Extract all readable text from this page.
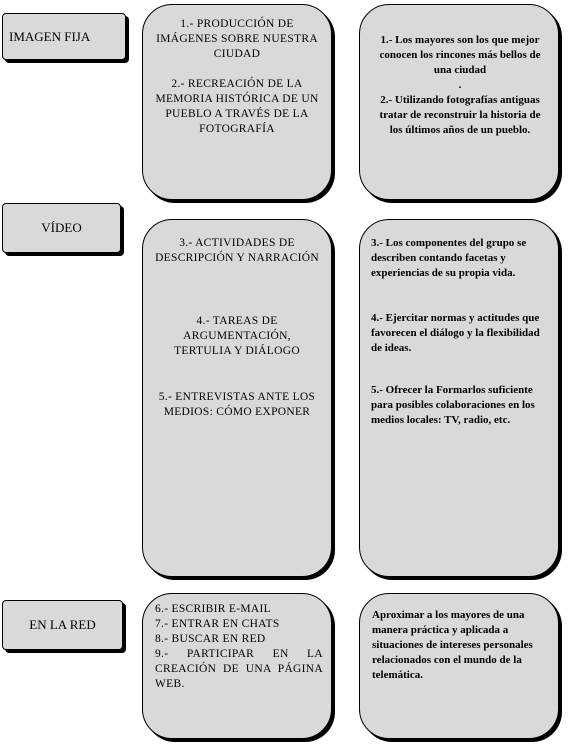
IMAGEN FIJA
1.- PRODUCCIÓN DE IMÁGENES SOBRE NUESTRA CIUDAD
2.- RECREACIÓN DE LA MEMORIA HISTÓRICA DE UN PUEBLO A TRAVÉS DE LA FOTOGRAFÍA
1.- Los mayores son los que mejor conocen los rincones más bellos de una ciudad
.
2.- Utilizando fotografías antiguas tratar de reconstruir la historia de los últimos años de un pueblo.
VÍDEO
3.- ACTIVIDADES DE DESCRIPCIÓN Y NARRACIÓN
4.- TAREAS DE ARGUMENTACIÓN, TERTULIA Y DIÁLOGO
5.- ENTREVISTAS ANTE LOS MEDIOS: CÓMO EXPONER
3.- Los componentes del grupo se describen contando facetas y experiencias de su propia vida.
4.- Ejercitar normas y actitudes que favorecen el diálogo y la flexibilidad de ideas.
5.- Ofrecer la Formarlos suficiente para posibles colaboraciones en los medios locales: TV, radio, etc.
EN LA RED
6.- ESCRIBIR E-MAIL
7.- ENTRAR EN CHATS
8.- BUSCAR EN RED
9.- PARTICIPAR EN LA CREACIÓN DE UNA PÁGINA WEB.
Aproximar a los mayores de una manera práctica y aplicada a situaciones de intereses personales relacionados con el mundo de la telemática.
